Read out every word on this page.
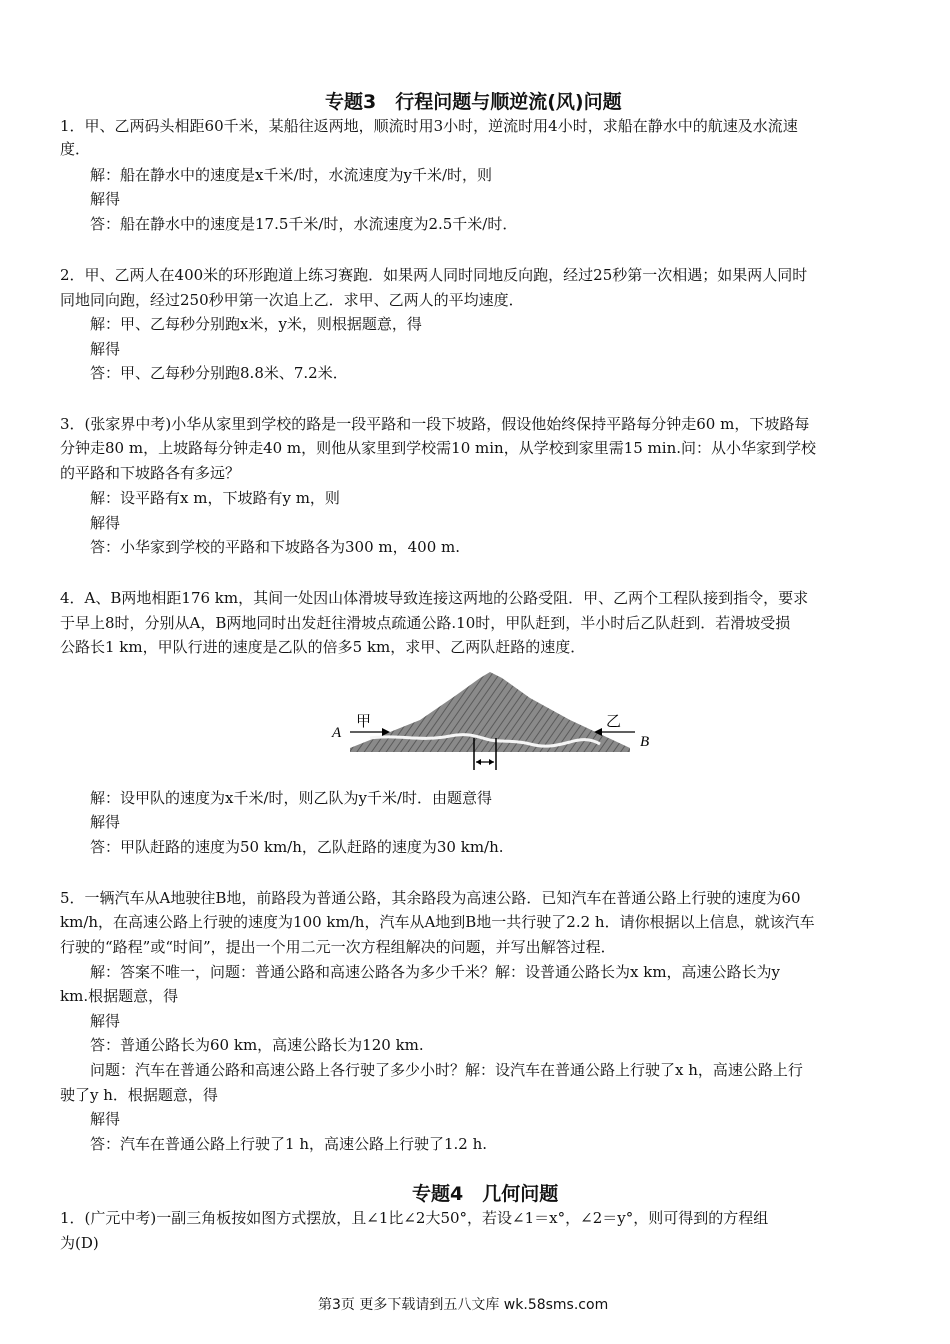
专题3　行程问题与顺逆流(风)问题
1．甲、乙两码头相距60千米，某船往返两地，顺流时用3小时，逆流时用4小时，求船在静水中的航速及水流速
度．
解：船在静水中的速度是x千米/时，水流速度为y千米/时，则
解得
答：船在静水中的速度是17.5千米/时，水流速度为2.5千米/时．
2．甲、乙两人在400米的环形跑道上练习赛跑．如果两人同时同地反向跑，经过25秒第一次相遇；如果两人同时
同地同向跑，经过250秒甲第一次追上乙．求甲、乙两人的平均速度．
解：甲、乙每秒分别跑x米，y米，则根据题意，得
解得
答：甲、乙每秒分别跑8.8米、7.2米．
3．(张家界中考)小华从家里到学校的路是一段平路和一段下坡路，假设他始终保持平路每分钟走60 m，下坡路每
分钟走80 m，上坡路每分钟走40 m，则他从家里到学校需10 min，从学校到家里需15 min.问：从小华家到学校
的平路和下坡路各有多远？
解：设平路有x m，下坡路有y m，则
解得
答：小华家到学校的平路和下坡路各为300 m，400 m.
4．A、B两地相距176 km，其间一处因山体滑坡导致连接这两地的公路受阻．甲、乙两个工程队接到指令，要求
于早上8时，分别从A，B两地同时出发赶往滑坡点疏通公路.10时，甲队赶到，半小时后乙队赶到．若滑坡受损
公路长1 km，甲队行进的速度是乙队的倍多5 km，求甲、乙两队赶路的速度．
A
甲	乙
B
解：设甲队的速度为x千米/时，则乙队为y千米/时．由题意得
解得
答：甲队赶路的速度为50 km/h，乙队赶路的速度为30 km/h.
5．一辆汽车从A地驶往B地，前路段为普通公路，其余路段为高速公路．已知汽车在普通公路上行驶的速度为60
km/h，在高速公路上行驶的速度为100 km/h，汽车从A地到B地一共行驶了2.2 h．请你根据以上信息，就该汽车
行驶的“路程”或“时间”，提出一个用二元一次方程组解决的问题，并写出解答过程．
解：答案不唯一，问题：普通公路和高速公路各为多少千米？解：设普通公路长为x km，高速公路长为y
km.根据题意，得
解得
答：普通公路长为60 km，高速公路长为120 km.
问题：汽车在普通公路和高速公路上各行驶了多少小时？解：设汽车在普通公路上行驶了x h，高速公路上行
驶了y h．根据题意，得
解得
答：汽车在普通公路上行驶了1 h，高速公路上行驶了1.2 h.
专题4　几何问题
1．(广元中考)一副三角板按如图方式摆放，且∠1比∠2大50°，若设∠1＝x°，∠2＝y°，则可得到的方程组
为(D)
第3页 更多下载请到五八文库 wk.58sms.com
